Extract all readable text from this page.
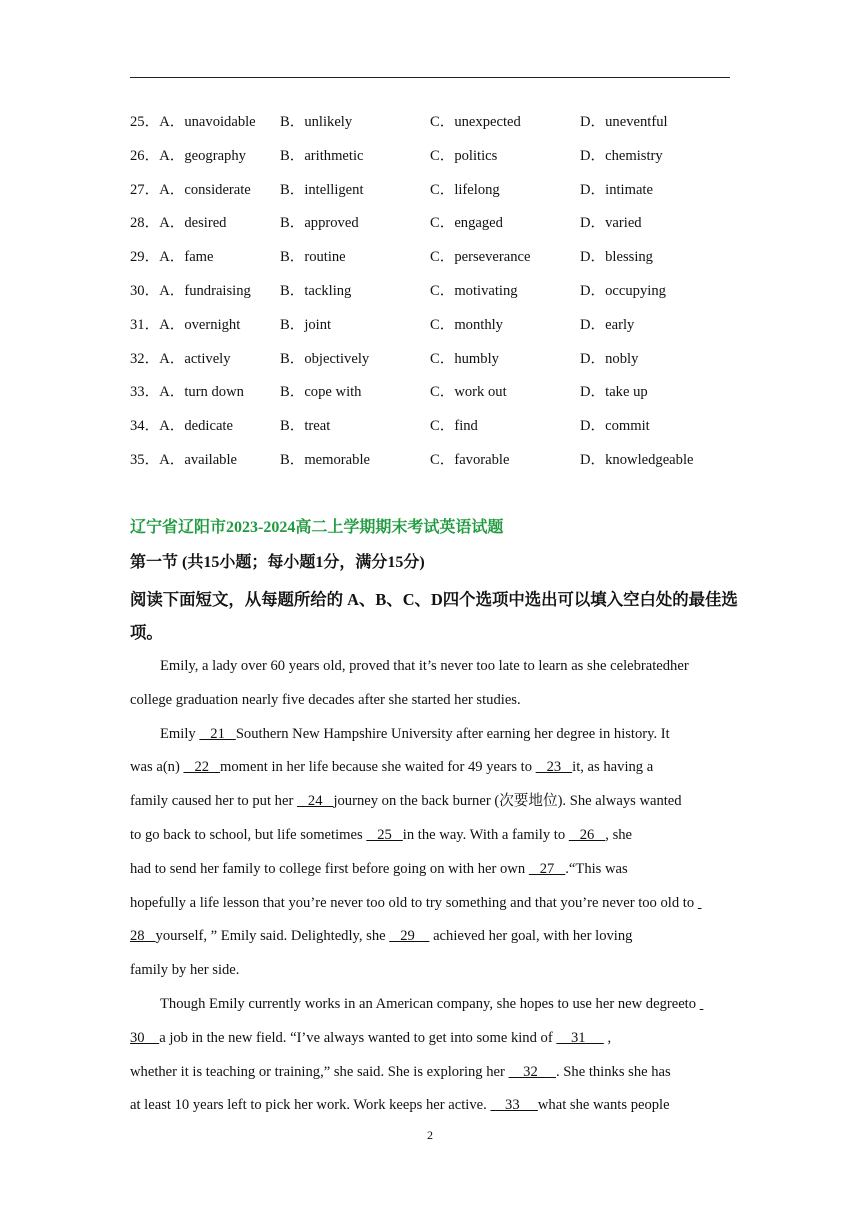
25．A．unavoidable B．unlikely	C．unexpected	D．uneventful
26．A．geography B．arithmetic	C．politics	D．chemistry
27．A．considerate B．intelligent	C．lifelong	D．intimate
28．A．desired	B．approved	C．engaged	D．varied
29．A．fame	B．routine	C．perseverance	D．blessing
30．A．fundraising B．tackling	C．motivating	D．occupying
31．A．overnight	B．joint	C．monthly	D．early
32．A．actively	B．objectively	C．humbly	D．nobly
33．A．turn down B．cope with	C．work out	D．take up
34．A．dedicate	B．treat	C．find	D．commit
35．A．available	B．memorable	C．favorable	D．knowledgeable
辽宁省辽阳市2023-2024高二上学期期末考试英语试题
第一节 (共15小题；每小题1分，满分15分)
阅读下面短文，从每题所给的 A、B、C、D四个选项中选出可以填入空白处的最佳选项。
Emily, a lady over 60 years old, proved that it’s never too late to learn as she celebratedher
college graduation nearly five decades after she started her studies.
Emily    21   Southern New Hampshire University after earning her degree in history. It
was a(n)    22   moment in her life because she waited for 49 years to    23   it, as having a
family caused her to put her    24   journey on the back burner (次要地位). She always wanted
to go back to school, but life sometimes    25   in the way. With a family to    26   , she
had to send her family to college first before going on with her own    27   .“This was
hopefully a life lesson that you’re never too old to try something and that you’re never too old to
28   yourself, ” Emily said. Delightedly, she    29     achieved her goal, with her loving
family by her side.
Though Emily currently works in an American company, she hopes to use her new degreeto
30    a job in the new field. “I’ve always wanted to get into some kind of     31      ,
whether it is teaching or training,” she said. She is exploring her     32     . She thinks she has
at least 10 years left to pick her work. Work keeps her active.     33     what she wants people
2
